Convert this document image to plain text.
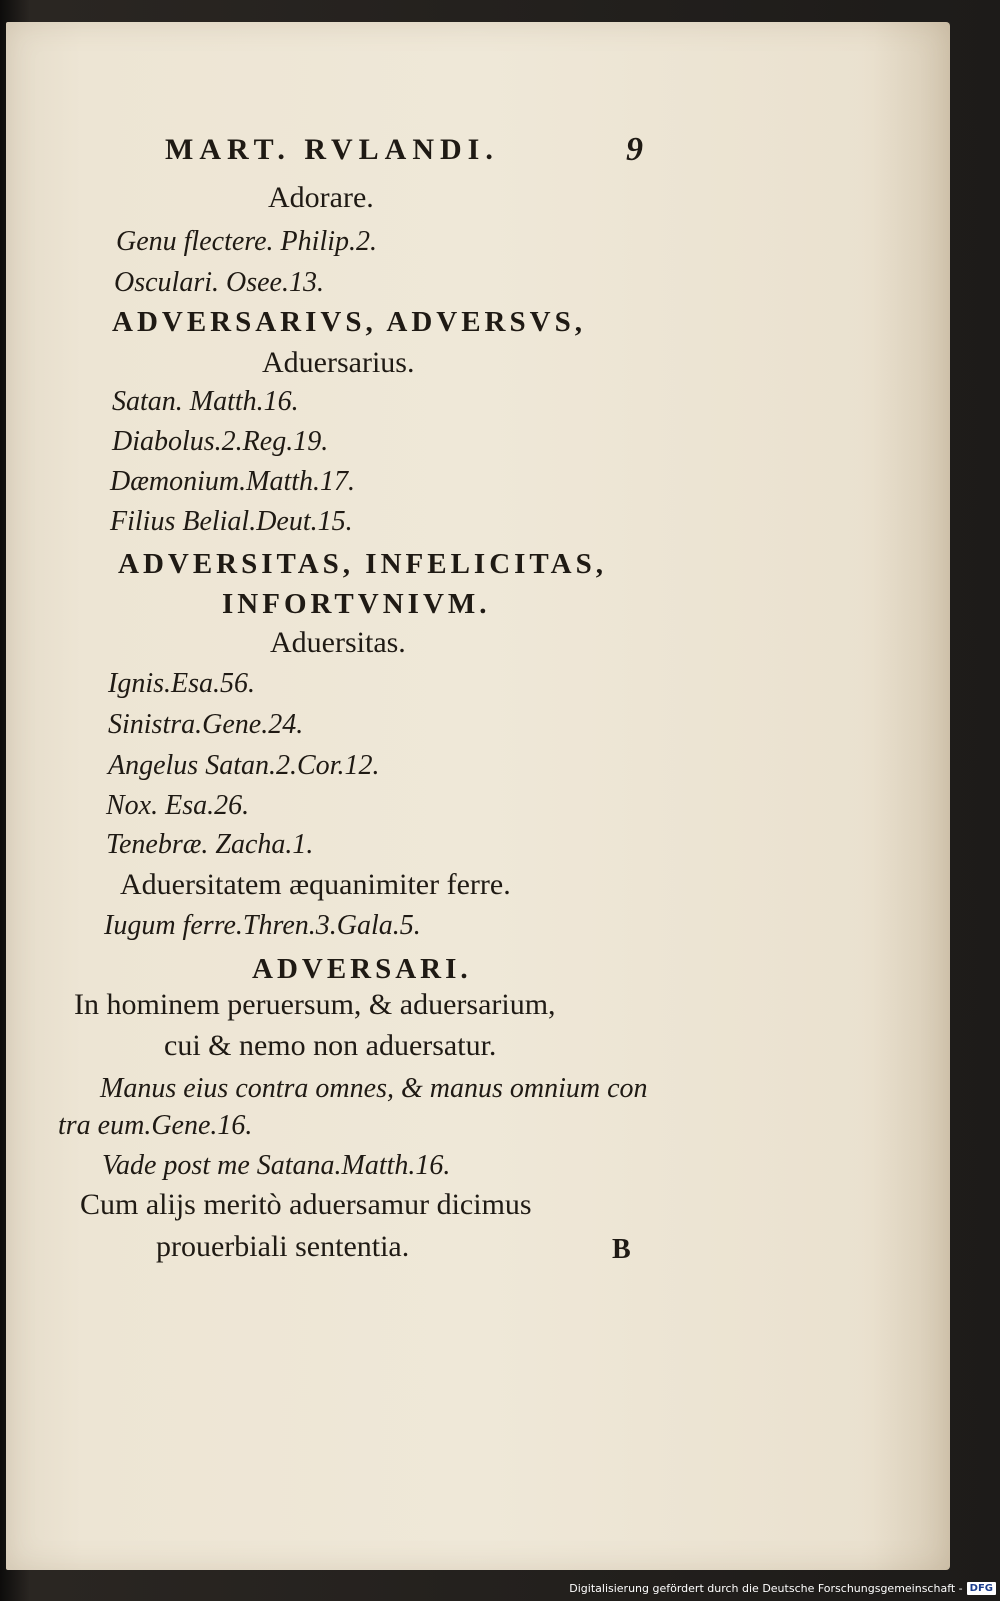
MART. RVLANDI.	9
Adorare.
Genu flectere. Philip.2.
Osculari. Osee.13.
ADVERSARIVS, ADVERSVS,
Aduersarius.
Satan. Matth.16.
Diabolus.2.Reg.19.
Dæmonium.Matth.17.
Filius Belial.Deut.15.
ADVERSITAS, INFELICITAS,
INFORTVNIVM.
Aduersitas.
Ignis.Esa.56.
Sinistra.Gene.24.
Angelus Satan.2.Cor.12.
Nox. Esa.26.
Tenebræ. Zacha.1.
Aduersitatem æquanimiter ferre.
Iugum ferre.Thren.3.Gala.5.
ADVERSARI.
In hominem peruersum, & aduersarium,
cui & nemo non aduersatur.
Manus eius contra omnes, & manus omnium con
tra eum.Gene.16.
Vade post me Satana.Matth.16.
Cum alijs meritò aduersamur dicimus
prouerbiali sententia.	B
Digitalisierung gefördert durch die Deutsche Forschungsgemeinschaft - DFG
